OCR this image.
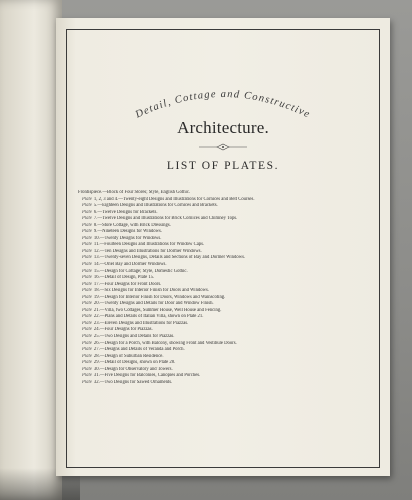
Detail, Cottage and Constructive
Architecture.
LIST OF PLATES.
Frontispiece.—Block of Four Stores; Style, English Gothic.
Plate 1, 2, 3 and 4.—Twenty-eight Designs and Illustrations for Cornices and Belt Courses.
Plate 5.—Eighteen Designs and Illustrations for Cornices and Brackets.
Plate 6.—Twelve Designs for Brackets.
Plate 7.—Twelve Designs and Illustrations for Brick Cornices and Chimney Tops.
Plate 8.—Store Cottage, with Brick Dressings.
Plate 9.—Nineteen Designs for Windows.
Plate 10.—Twenty Designs for Windows.
Plate 11.—Fourteen Designs and Illustrations for Window Caps.
Plate 12.—Ten Designs and Illustrations for Dormer Windows.
Plate 13.—Twenty-seven Designs, Details and Sections of Bay and Dormer Windows.
Plate 14.—Oriel Bay and Dormer Windows.
Plate 15.—Design for Cottage; Style, Domestic Gothic.
Plate 16.—Detail of Design, Plate 15.
Plate 17.—Four Designs for Front Doors.
Plate 18.—Six Designs for Interior Finish for Doors and Windows.
Plate 19.—Design for Interior Finish for Doors, Windows and Wainscoting.
Plate 20.—Twenty Designs and Details for Door and Window Finish.
Plate 21.—Villa, two Cottages, Summer House, Well House and Fencing.
Plate 22.—Plans and Details of Italian Villa, shown on Plate 21.
Plate 23.—Eleven Designs and Illustrations for Piazzas.
Plate 24.—Four Designs for Piazzas.
Plate 25.—Two Designs and Details for Piazzas.
Plate 26.—Design for a Porch, with Balcony, showing Front and Vestibule Doors.
Plate 27.—Designs and Details of Veranda and Porch.
Plate 28.—Design of Suburban Residence.
Plate 29.—Detail of Designs, shown on Plate 28.
Plate 30.—Design for Observatory and Towers.
Plate 31.—Five Designs for Balconies, Canopies and Porches.
Plate 32.—Two Designs for Sawed Ornaments.
